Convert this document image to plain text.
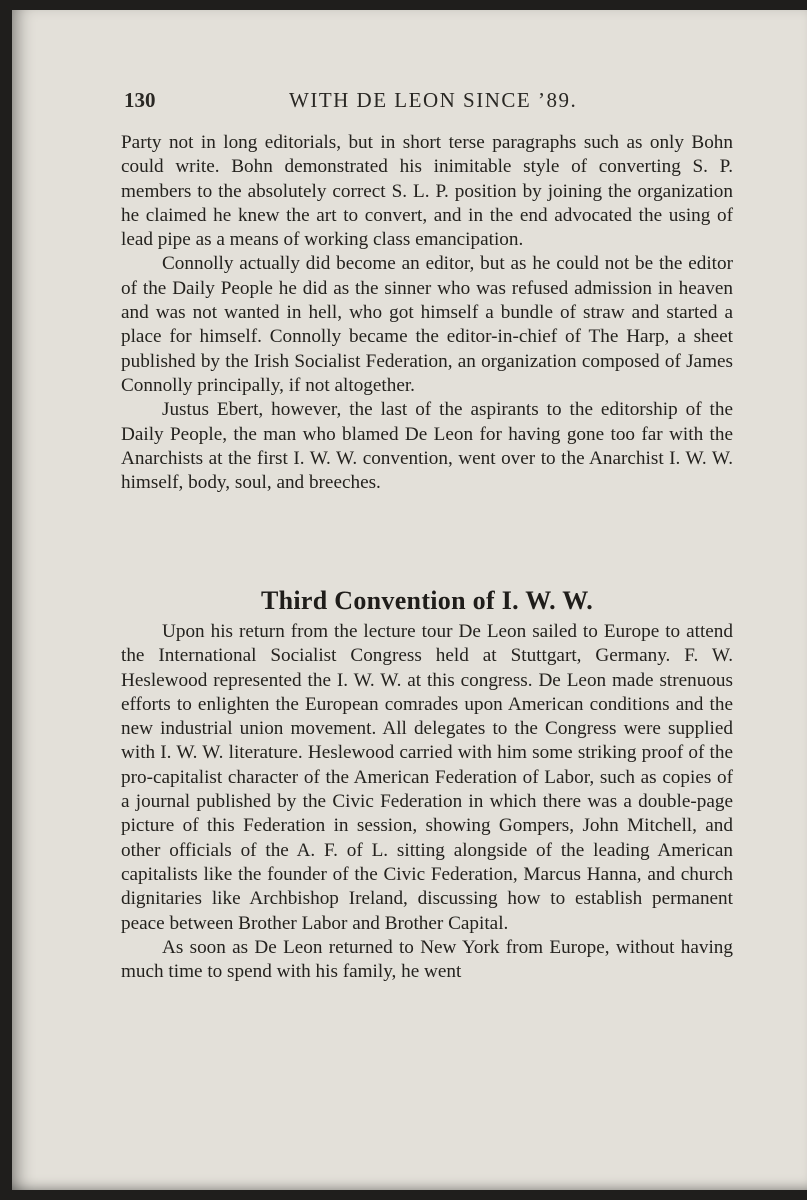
130	WITH DE LEON SINCE ’89.

Party not in long editorials, but in short terse paragraphs such as only Bohn could write. Bohn demonstrated his inimitable style of converting S. P. members to the absolutely correct S. L. P. position by joining the organization he claimed he knew the art to convert, and in the end advocated the using of lead pipe as a means of working class emancipation.

Connolly actually did become an editor, but as he could not be the editor of the Daily People he did as the sinner who was refused admission in heaven and was not wanted in hell, who got himself a bundle of straw and started a place for himself. Connolly became the editor-in-chief of The Harp, a sheet published by the Irish Socialist Federation, an organization composed of James Connolly principally, if not altogether.

Justus Ebert, however, the last of the aspirants to the editorship of the Daily People, the man who blamed De Leon for having gone too far with the Anarchists at the first I. W. W. convention, went over to the Anarchist I. W. W. himself, body, soul, and breeches.

Third Convention of I. W. W.

Upon his return from the lecture tour De Leon sailed to Europe to attend the International Socialist Congress held at Stuttgart, Germany. F. W. Heslewood represented the I. W. W. at this congress. De Leon made strenuous efforts to enlighten the European comrades upon American conditions and the new industrial union movement. All delegates to the Congress were supplied with I. W. W. literature. Heslewood carried with him some striking proof of the pro-capitalist character of the American Federation of Labor, such as copies of a journal published by the Civic Federation in which there was a double-page picture of this Federation in session, showing Gompers, John Mitchell, and other officials of the A. F. of L. sitting alongside of the leading American capitalists like the founder of the Civic Federation, Marcus Hanna, and church dignitaries like Archbishop Ireland, discussing how to establish permanent peace between Brother Labor and Brother Capital.

As soon as De Leon returned to New York from Europe, without having much time to spend with his family, he went
